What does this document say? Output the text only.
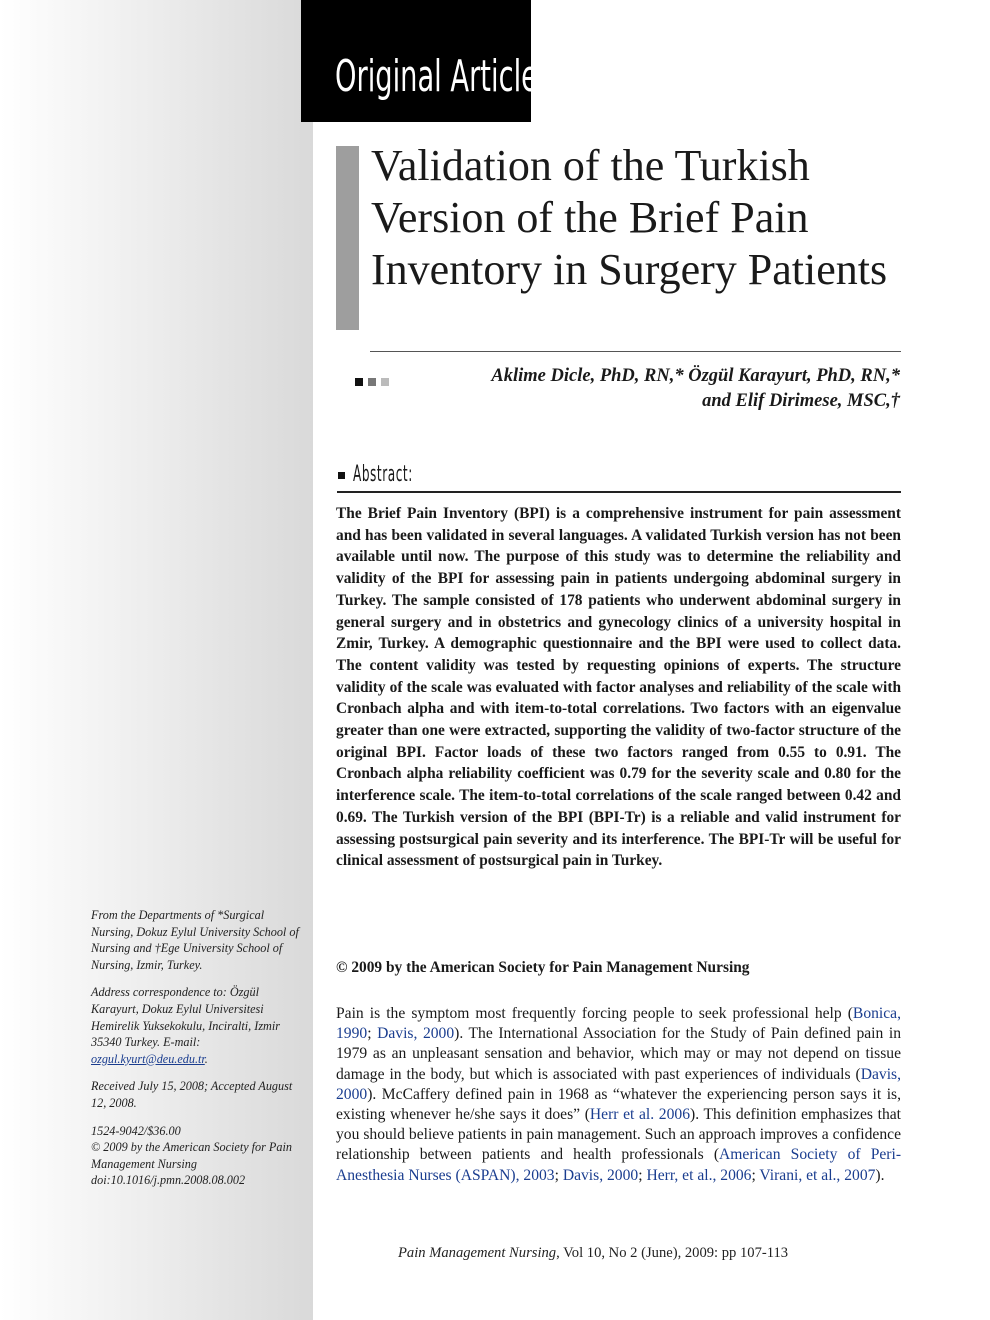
Original Articles
Validation of the Turkish Version of the Brief Pain Inventory in Surgery Patients
Aklime Dicle, PhD, RN,* Özgül Karayurt, PhD, RN,*
and Elif Dirimese, MSC,†
Abstract:

The Brief Pain Inventory (BPI) is a comprehensive instrument for pain assessment and has been validated in several languages. A validated Turkish version has not been available until now. The purpose of this study was to determine the reliability and validity of the BPI for assessing pain in patients undergoing abdominal surgery in Turkey. The sample consisted of 178 patients who underwent abdominal surgery in general surgery and in obstetrics and gynecology clinics of a university hospital in Zmir, Turkey. A demographic questionnaire and the BPI were used to collect data. The content validity was tested by requesting opinions of experts. The structure validity of the scale was evaluated with factor analyses and reliability of the scale with Cronbach alpha and with item-to-total correlations. Two factors with an eigenvalue greater than one were extracted, supporting the validity of two-factor structure of the original BPI. Factor loads of these two factors ranged from 0.55 to 0.91. The Cronbach alpha reliability coefficient was 0.79 for the severity scale and 0.80 for the interference scale. The item-to-total correlations of the scale ranged between 0.42 and 0.69. The Turkish version of the BPI (BPI-Tr) is a reliable and valid instrument for assessing postsurgical pain severity and its interference. The BPI-Tr will be useful for clinical assessment of postsurgical pain in Turkey.

© 2009 by the American Society for Pain Management Nursing

From the Departments of *Surgical Nursing, Dokuz Eylul University School of Nursing and †Ege University School of Nursing, Izmir, Turkey.

Address correspondence to: Özgül Karayurt, Dokuz Eylul Universitesi Hemirelik Yuksekokulu, Inciralti, Izmir 35340 Turkey. E-mail: ozgul.kyurt@deu.edu.tr.

Received July 15, 2008; Accepted August 12, 2008.

1524-9042/$36.00
© 2009 by the American Society for Pain Management Nursing
doi:10.1016/j.pmn.2008.08.002

Pain is the symptom most frequently forcing people to seek professional help (Bonica, 1990; Davis, 2000). The International Association for the Study of Pain defined pain in 1979 as an unpleasant sensation and behavior, which may or may not depend on tissue damage in the body, but which is associated with past experiences of individuals (Davis, 2000). McCaffery defined pain in 1968 as “whatever the experiencing person says it is, existing whenever he/she says it does” (Herr et al. 2006). This definition emphasizes that you should believe patients in pain management. Such an approach improves a confidence relationship between patients and health professionals (American Society of Peri-Anesthesia Nurses (ASPAN), 2003; Davis, 2000; Herr, et al., 2006; Virani, et al., 2007).

Pain Management Nursing, Vol 10, No 2 (June), 2009: pp 107-113
